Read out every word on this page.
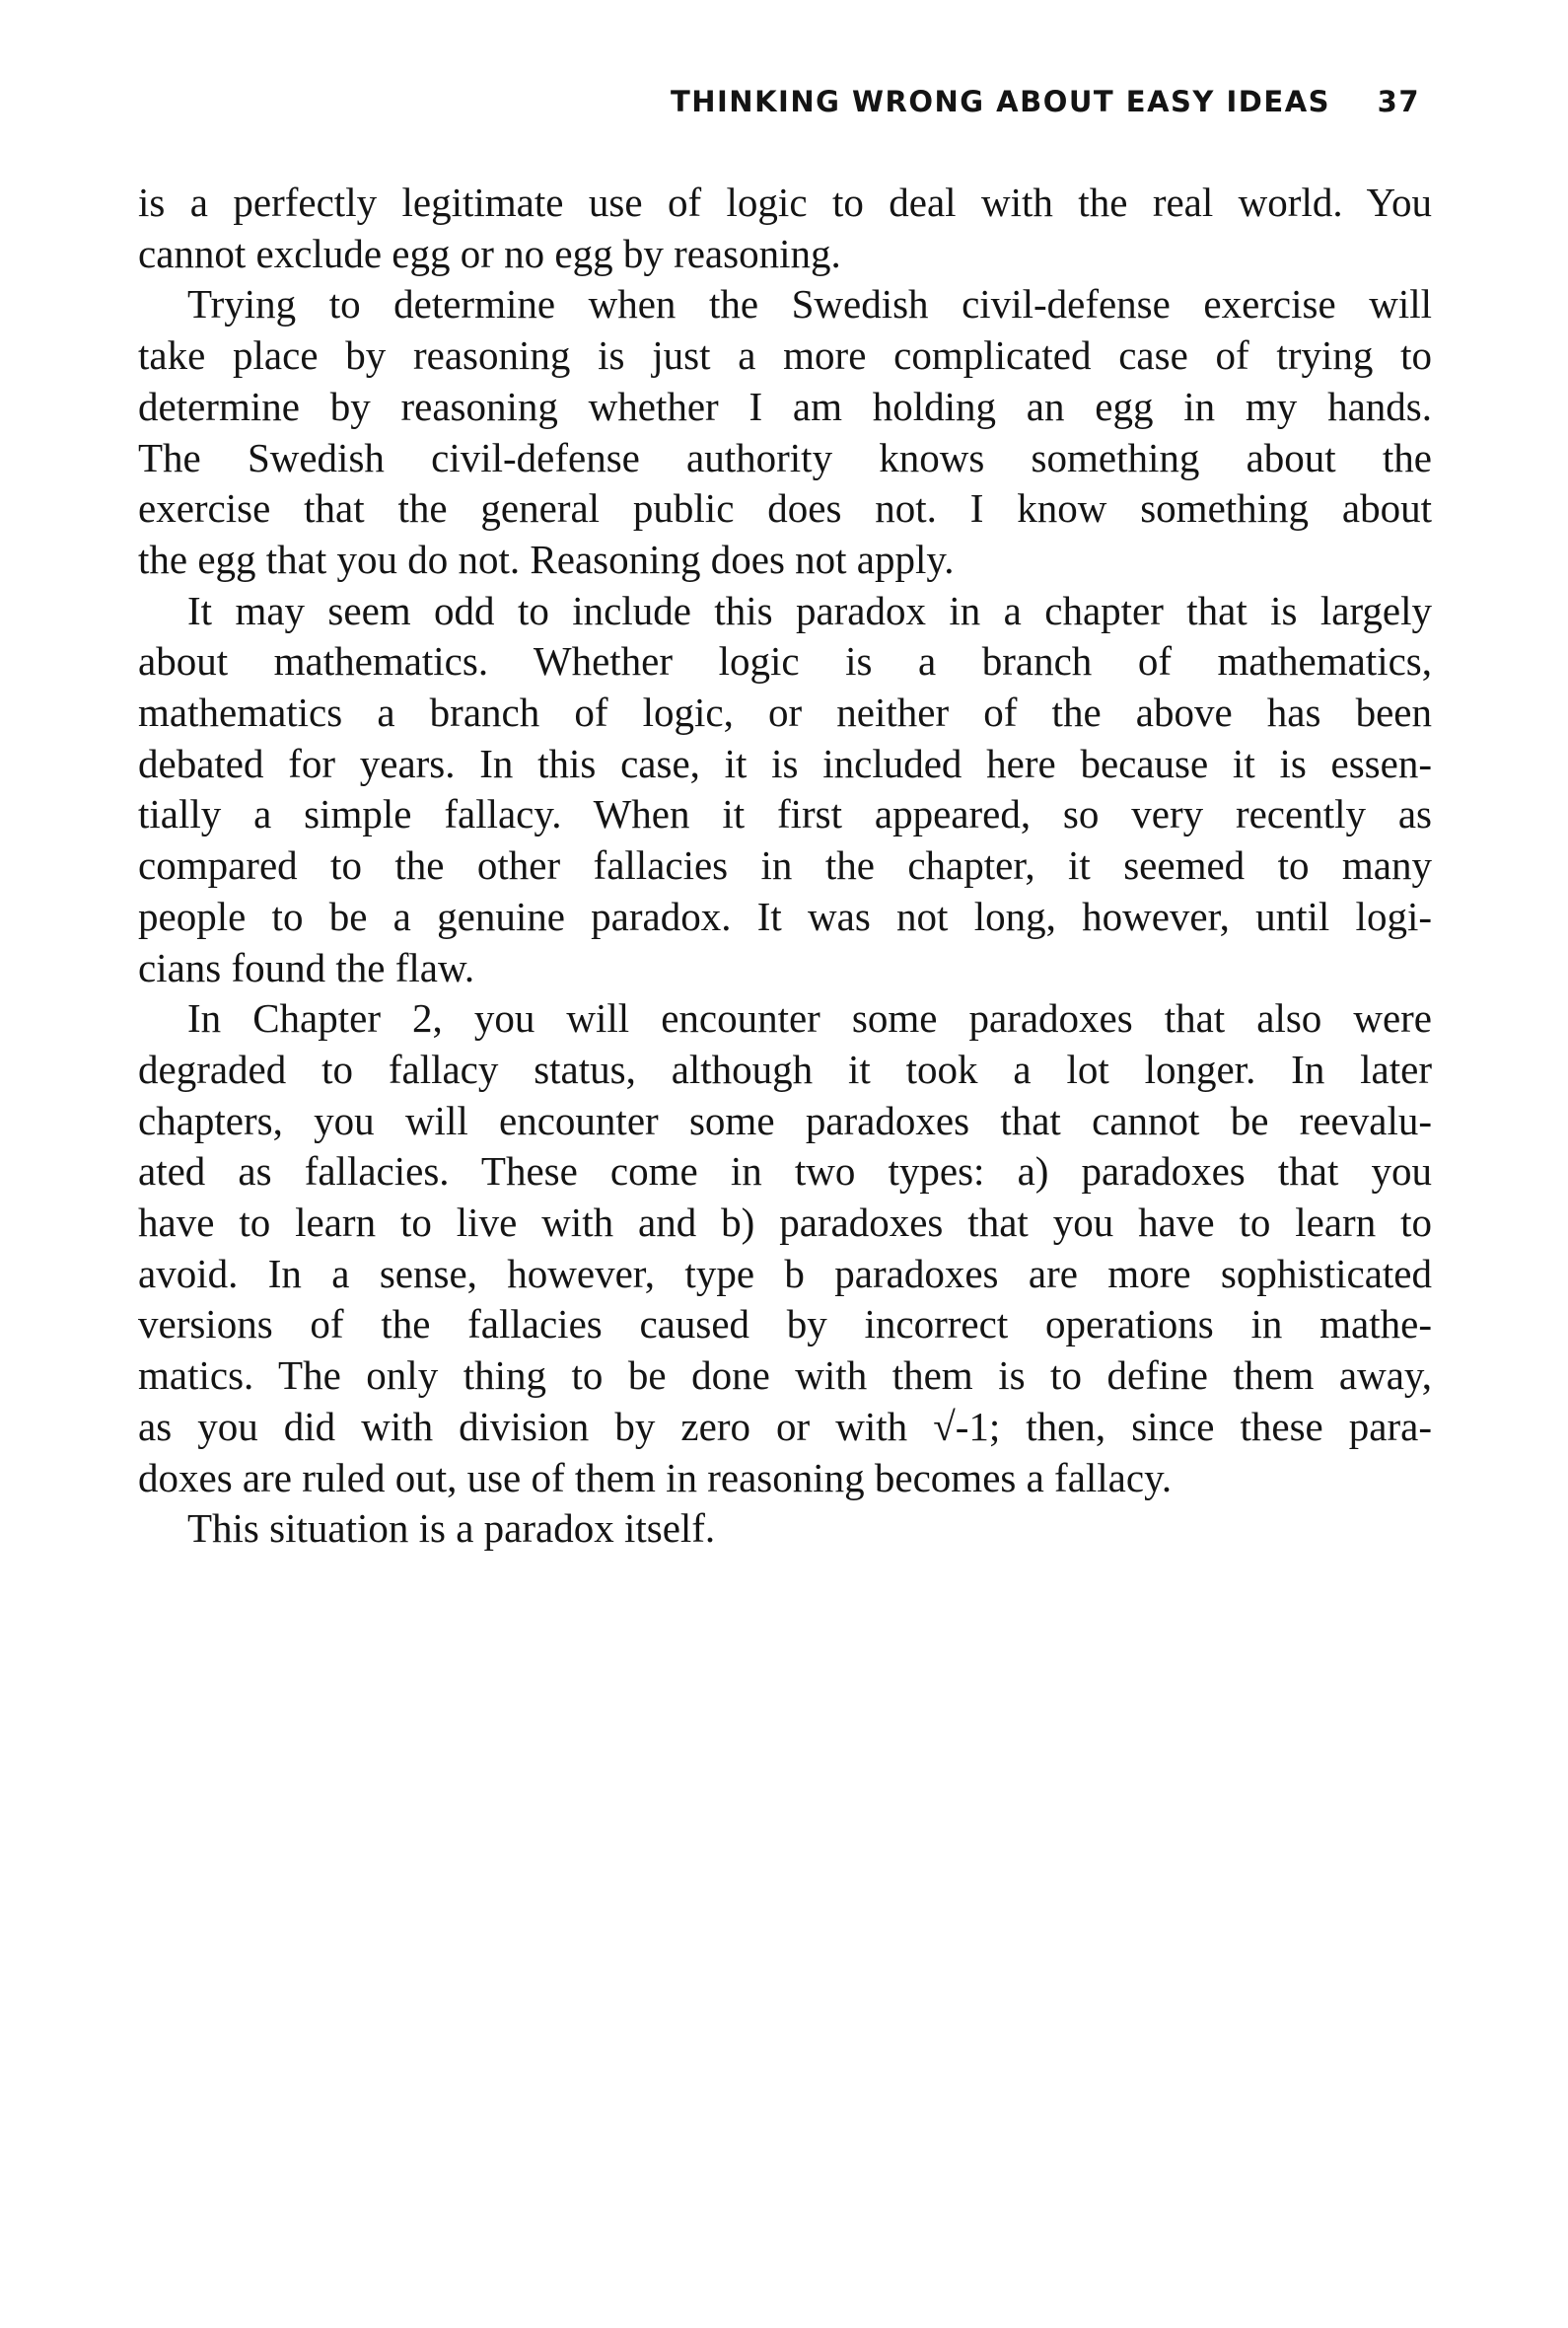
THINKING WRONG ABOUT EASY IDEAS 37
is a perfectly legitimate use of logic to deal with the real world. You
cannot exclude egg or no egg by reasoning.
Trying to determine when the Swedish civil-defense exercise will
take place by reasoning is just a more complicated case of trying to
determine by reasoning whether I am holding an egg in my hands.
The Swedish civil-defense authority knows something about the
exercise that the general public does not. I know something about
the egg that you do not. Reasoning does not apply.
It may seem odd to include this paradox in a chapter that is largely
about mathematics. Whether logic is a branch of mathematics,
mathematics a branch of logic, or neither of the above has been
debated for years. In this case, it is included here because it is essen-
tially a simple fallacy. When it first appeared, so very recently as
compared to the other fallacies in the chapter, it seemed to many
people to be a genuine paradox. It was not long, however, until logi-
cians found the flaw.
In Chapter 2, you will encounter some paradoxes that also were
degraded to fallacy status, although it took a lot longer. In later
chapters, you will encounter some paradoxes that cannot be reevalu-
ated as fallacies. These come in two types: a) paradoxes that you
have to learn to live with and b) paradoxes that you have to learn to
avoid. In a sense, however, type b paradoxes are more sophisticated
versions of the fallacies caused by incorrect operations in mathe-
matics. The only thing to be done with them is to define them away,
as you did with division by zero or with √-1; then, since these para-
doxes are ruled out, use of them in reasoning becomes a fallacy.
This situation is a paradox itself.
